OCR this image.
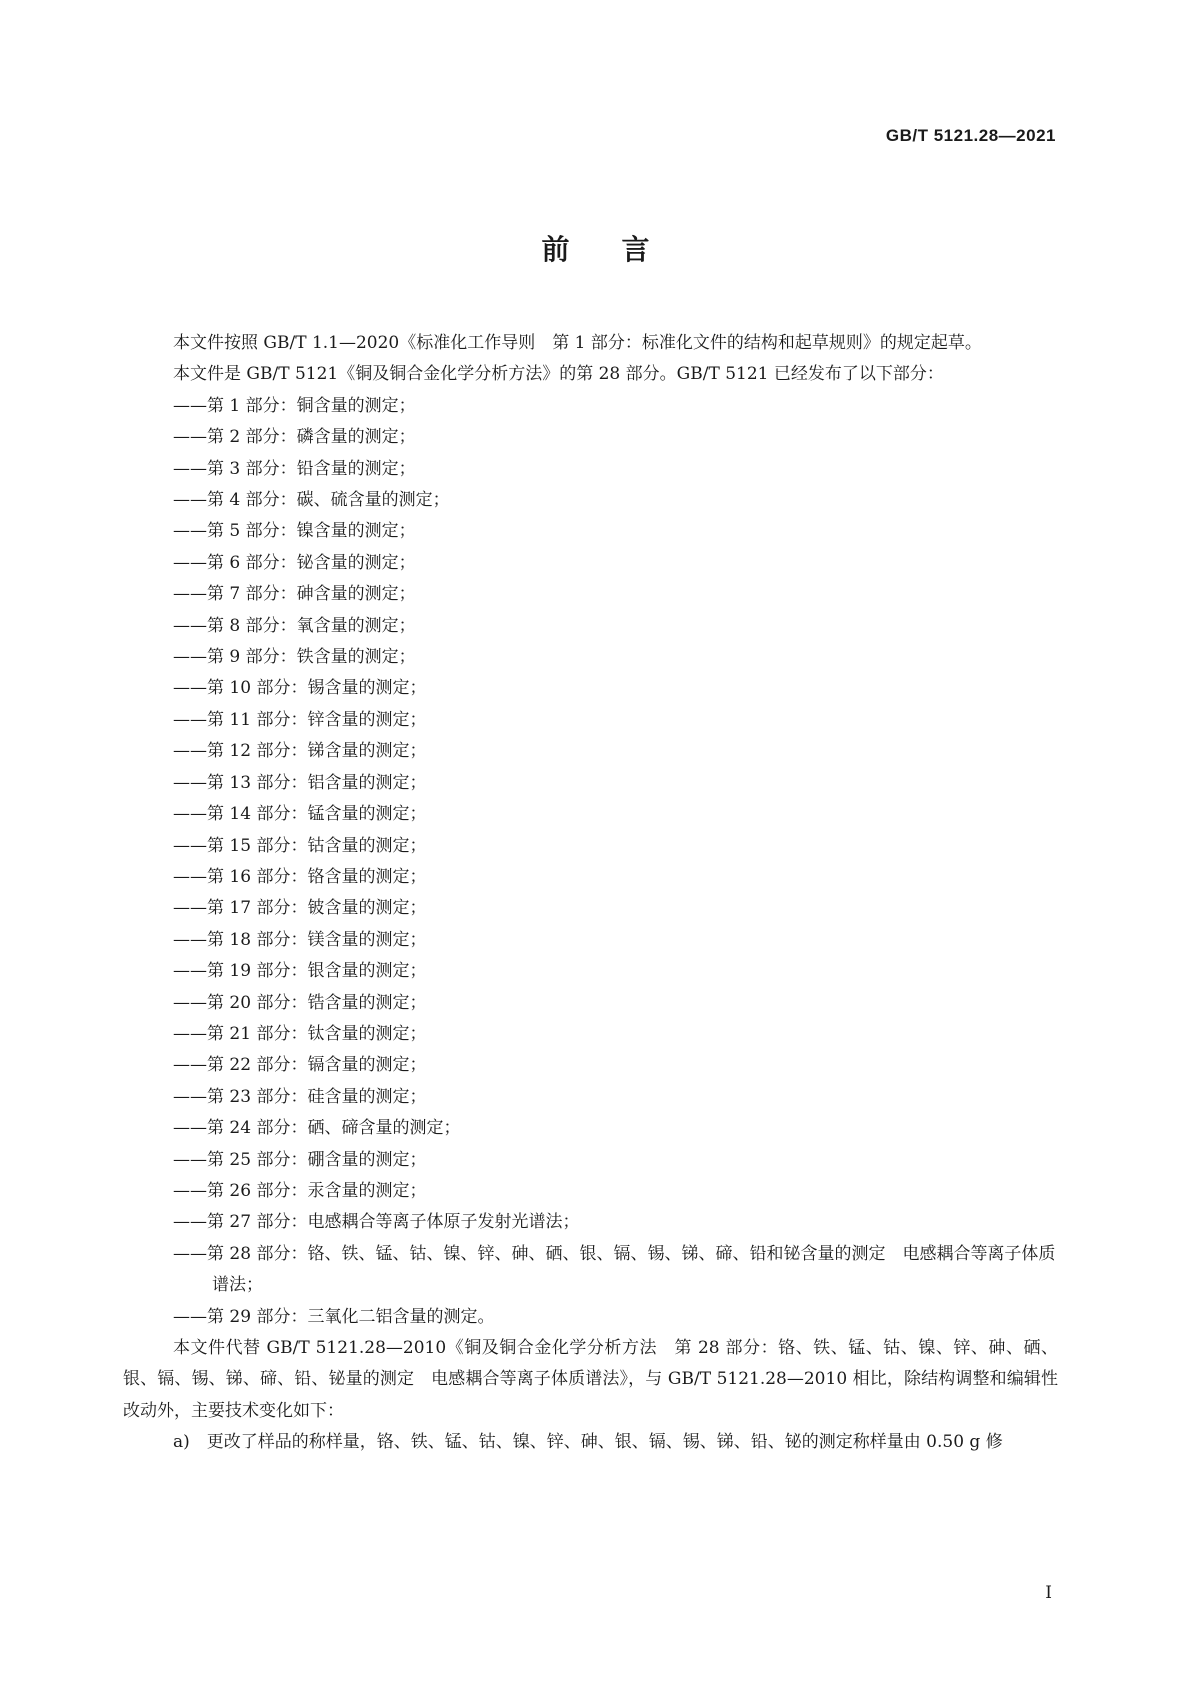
GB/T 5121.28—2021
前言

本文件按照 GB/T 1.1—2020《标准化工作导则　第 1 部分：标准化文件的结构和起草规则》的规定起草。

本文件是 GB/T 5121《铜及铜合金化学分析方法》的第 28 部分。GB/T 5121 已经发布了以下部分：

——第 1 部分：铜含量的测定；

——第 2 部分：磷含量的测定；

——第 3 部分：铅含量的测定；

——第 4 部分：碳、硫含量的测定；

——第 5 部分：镍含量的测定；

——第 6 部分：铋含量的测定；

——第 7 部分：砷含量的测定；

——第 8 部分：氧含量的测定；

——第 9 部分：铁含量的测定；

——第 10 部分：锡含量的测定；

——第 11 部分：锌含量的测定；

——第 12 部分：锑含量的测定；

——第 13 部分：铝含量的测定；

——第 14 部分：锰含量的测定；

——第 15 部分：钴含量的测定；

——第 16 部分：铬含量的测定；

——第 17 部分：铍含量的测定；

——第 18 部分：镁含量的测定；

——第 19 部分：银含量的测定；

——第 20 部分：锆含量的测定；

——第 21 部分：钛含量的测定；

——第 22 部分：镉含量的测定；

——第 23 部分：硅含量的测定；

——第 24 部分：硒、碲含量的测定；

——第 25 部分：硼含量的测定；

——第 26 部分：汞含量的测定；

——第 27 部分：电感耦合等离子体原子发射光谱法；

——第 28 部分：铬、铁、锰、钴、镍、锌、砷、硒、银、镉、锡、锑、碲、铅和铋含量的测定　电感耦合等离子体质谱法；

——第 29 部分：三氧化二铝含量的测定。

本文件代替 GB/T 5121.28—2010《铜及铜合金化学分析方法　第 28 部分：铬、铁、锰、钴、镍、锌、砷、硒、银、镉、锡、锑、碲、铅、铋量的测定　电感耦合等离子体质谱法》，与 GB/T 5121.28—2010 相比，除结构调整和编辑性改动外，主要技术变化如下：

a)　更改了样品的称样量，铬、铁、锰、钴、镍、锌、砷、银、镉、锡、锑、铅、铋的测定称样量由 0.50 g 修

I
